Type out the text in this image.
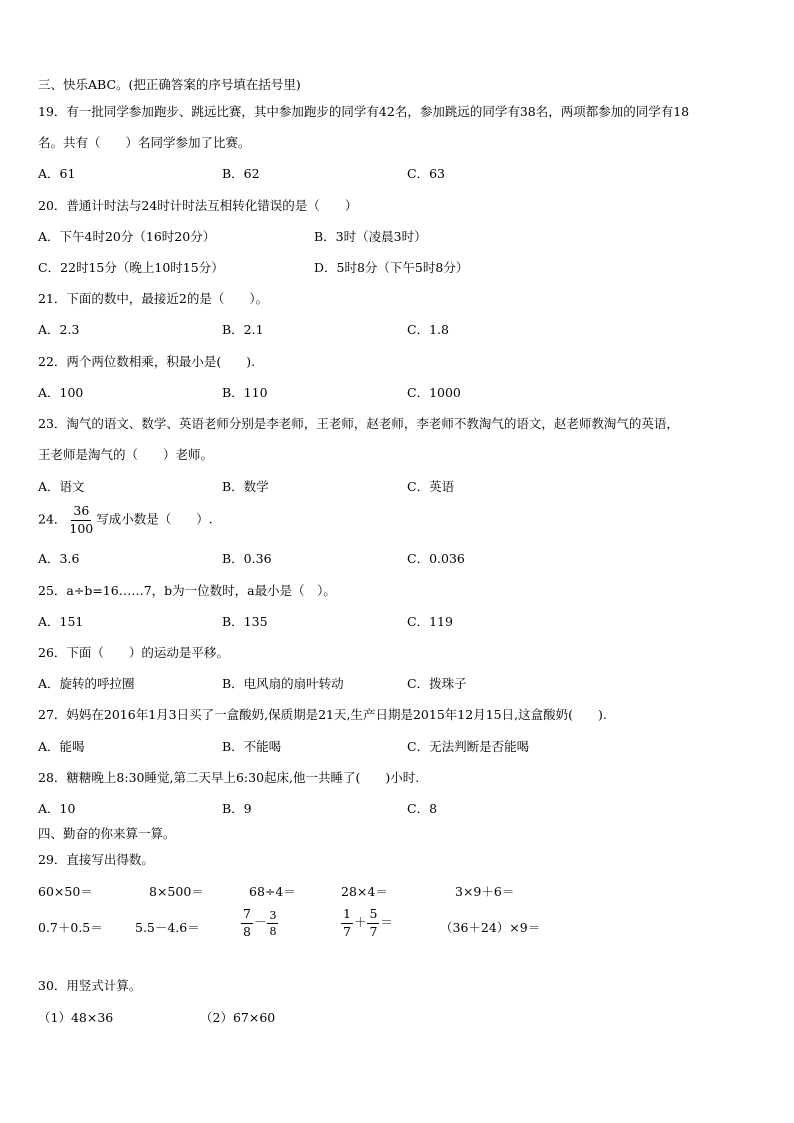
三、快乐ABC。(把正确答案的序号填在括号里)
19．有一批同学参加跑步、跳远比赛，其中参加跑步的同学有42名，参加跳远的同学有38名，两项都参加的同学有18
名。共有（　　）名同学参加了比赛。
A．61	B．62	C．63
20．普通计时法与24时计时法互相转化错误的是（　　）
A．下午4时20分（16时20分）	B．3时（凌晨3时）
C．22时15分（晚上10时15分）	D．5时8分（下午5时8分）
21．下面的数中，最接近2的是（　　）。
A．2.3	B．2.1	C．1.8
22．两个两位数相乘，积最小是(　　).
A．100	B．110	C．1000
23．淘气的语文、数学、英语老师分别是李老师，王老师，赵老师，李老师不教淘气的语文，赵老师教淘气的英语，
王老师是淘气的（　　）老师。
A．语文	B．数学	C．英语
24． $\frac{36}{100}$ 写成小数是（　　）.
A．3.6	B．0.36	C．0.036
25．a÷b=16……7，b为一位数时，a最小是（　）。
A．151	B．135	C．119
26．下面（　　）的运动是平移。
A．旋转的呼拉圈	B．电风扇的扇叶转动	C．拨珠子
27．妈妈在2016年1月3日买了一盒酸奶,保质期是21天,生产日期是2015年12月15日,这盒酸奶(　　).
A．能喝	B．不能喝	C．无法判断是否能喝
28．糖糖晚上8:30睡觉,第二天早上6:30起床,他一共睡了(　　)小时.
A．10	B．9	C．8
四、勤奋的你来算一算。
29．直接写出得数。
60×50＝	8×500＝	68÷4＝	28×4＝	3×9＋6＝
0.7＋0.5＝	5.5－4.6＝	$\frac{7}{8} - \frac{3}{8}$	$\frac{1}{7} + \frac{5}{7}$ ＝	（36＋24）×9＝
30．用竖式计算。
（1）48×36	（2）67×60
